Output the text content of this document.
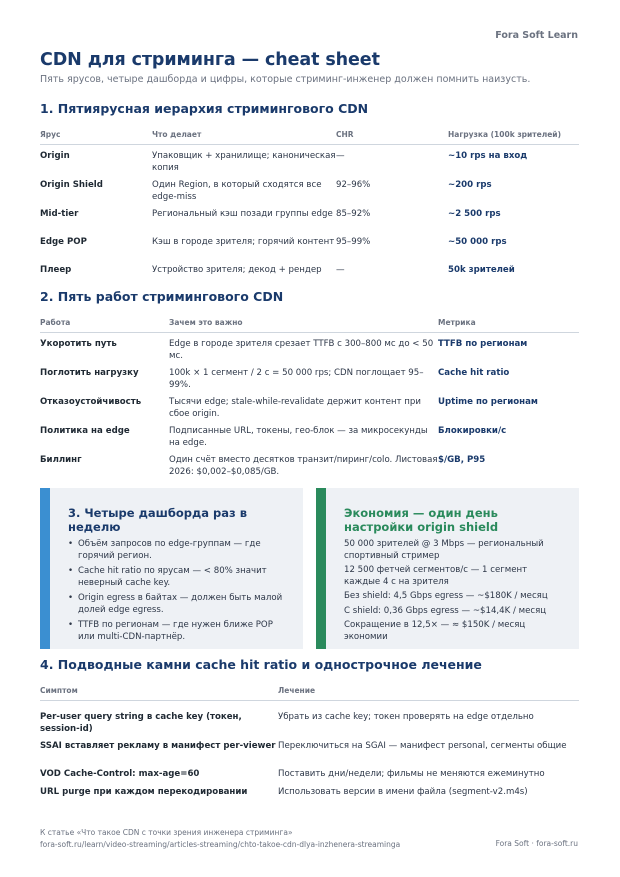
Fora Soft Learn
CDN для стриминга — cheat sheet
Пять ярусов, четыре дашборда и цифры, которые стриминг-инженер должен помнить наизусть.
1. Пятиярусная иерархия стримингового CDN
Ярус	Что делает	CHR	Нагрузка (100k зрителей)
Origin	Упаковщик + хранилище; каноническая копия	—	~10 rps на вход
Origin Shield	Один Region, в который сходятся все edge-miss	92–96%	~200 rps
Mid-tier	Региональный кэш позади группы edge	85–92%	~2 500 rps
Edge POP	Кэш в городе зрителя; горячий контент	95–99%	~50 000 rps
Плеер	Устройство зрителя; декод + рендер	—	50k зрителей
2. Пять работ стримингового CDN
Работа	Зачем это важно	Метрика
Укоротить путь	Edge в городе зрителя срезает TTFB с 300–800 мс до < 50 мс.	TTFB по регионам
Поглотить нагрузку	100k × 1 сегмент / 2 с = 50 000 rps; CDN поглощает 95–99%.	Cache hit ratio
Отказоустойчивость	Тысячи edge; stale-while-revalidate держит контент при сбое origin.	Uptime по регионам
Политика на edge	Подписанные URL, токены, гео-блок — за микросекунды на edge.	Блокировки/с
Биллинг	Один счёт вместо десятков транзит/пиринг/colo. Листовая 2026: $0,002–$0,085/GB.	$/GB, P95
3. Четыре дашборда раз в неделю
• Объём запросов по edge-группам — где горячий регион.
• Cache hit ratio по ярусам — < 80% значит неверный cache key.
• Origin egress в байтах — должен быть малой долей edge egress.
• TTFB по регионам — где нужен ближе POP или multi-CDN-партнёр.
Экономия — один день настройки origin shield

50 000 зрителей @ 3 Mbps — региональный спортивный стример

12 500 фетчей сегментов/с — 1 сегмент каждые 4 с на зрителя

Без shield: 4,5 Gbps egress — ~$180K / месяц

C shield: 0,36 Gbps egress — ~$14,4K / месяц

Сокращение в 12,5× — ≈ $150K / месяц экономии

4. Подводные камни cache hit ratio и однострочное лечение
Симптом	Лечение
Per-user query string в cache key (токен, session-id)	Убрать из cache key; токен проверять на edge отдельно
SSAI вставляет рекламу в манифест per-viewer	Переключиться на SGAI — манифест personal, сегменты общие
VOD Cache-Control: max-age=60	Поставить дни/недели; фильмы не меняются ежеминутно
URL purge при каждом перекодировании	Использовать версии в имени файла (segment-v2.m4s)
К статье «Что такое CDN с точки зрения инженера стриминга»
fora-soft.ru/learn/video-streaming/articles-streaming/chto-takoe-cdn-dlya-inzhenera-streaminga	Fora Soft · fora-soft.ru
